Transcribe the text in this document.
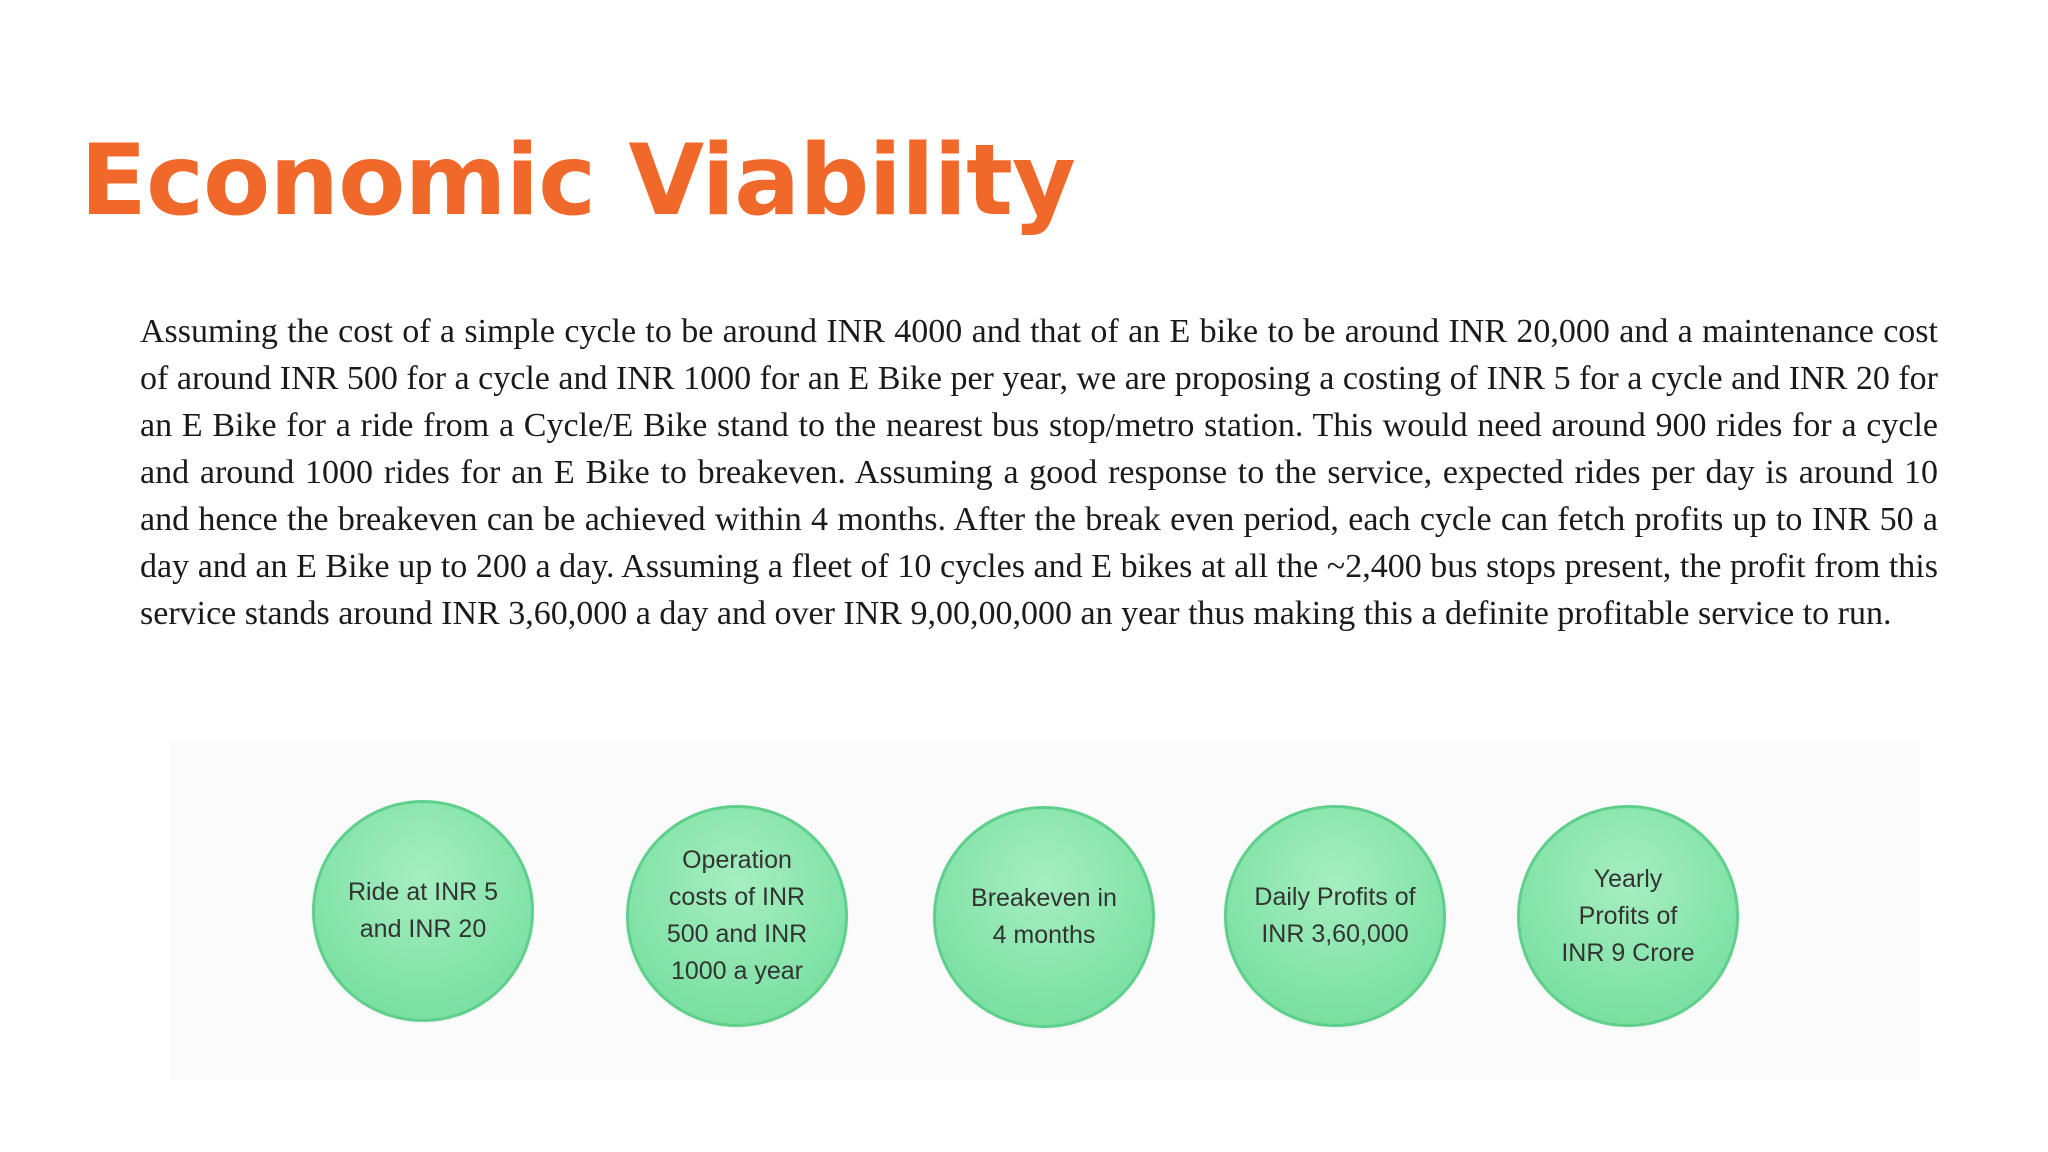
Economic Viability

Assuming the cost of a simple cycle to be around INR 4000 and that of an E bike to be around INR 20,000 and a maintenance cost of around INR 500 for a cycle and INR 1000 for an E Bike per year, we are proposing a costing of INR 5 for a cycle and INR 20 for an E Bike for a ride from a Cycle/E Bike stand to the nearest bus stop/metro station. This would need around 900 rides for a cycle and around 1000 rides for an E Bike to breakeven. Assuming a good response to the service, expected rides per day is around 10 and hence the breakeven can be achieved within 4 months. After the break even period, each cycle can fetch profits up to INR 50 a day and an E Bike up to 200 a day. Assuming a fleet of 10 cycles and E bikes at all the ~2,400 bus stops present, the profit from this service stands around INR 3,60,000 a day and over INR 9,00,00,000 an year thus making this a definite profitable service to run.

Ride at INR 5
and INR 20
Operation
costs of INR
500 and INR
1000 a year
Breakeven in
4 months
Daily Profits of
INR 3,60,000
Yearly
Profits of
INR 9 Crore
